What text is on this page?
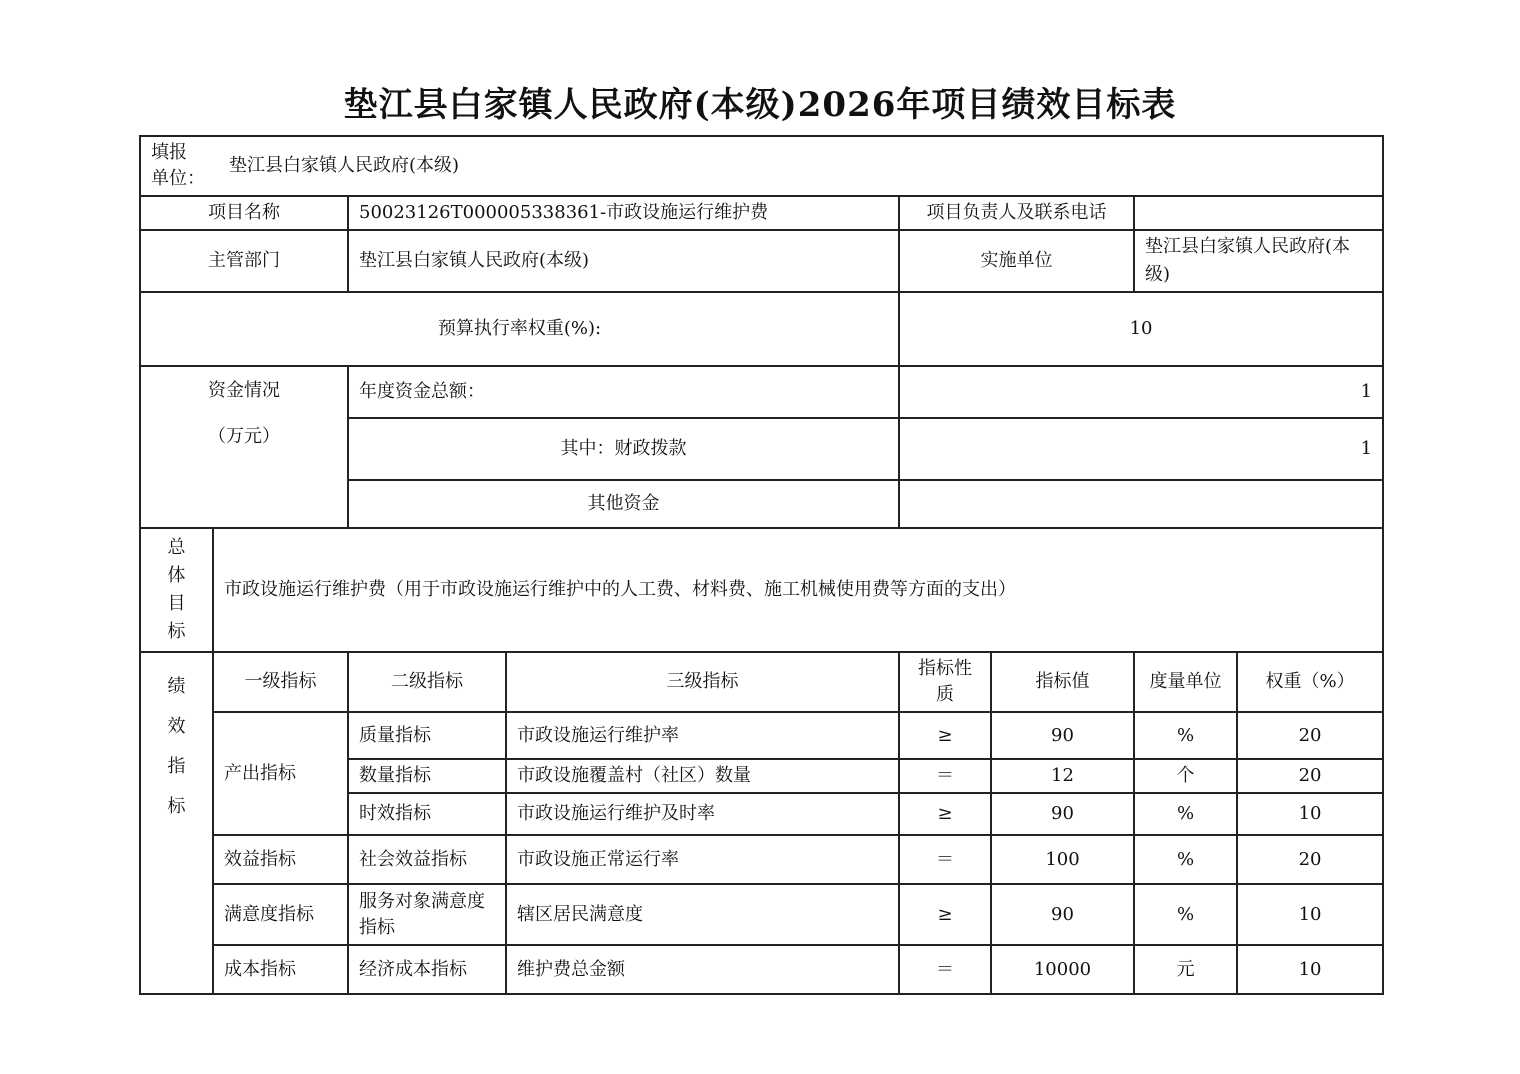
垫江县白家镇人民政府(本级)2026年项目绩效目标表
填报
单位：
垫江县白家镇人民政府(本级)							

项目名称		50023126T000005338361-市政设施运行维护费		项目负责人及联系电话			
主管部门		垫江县白家镇人民政府(本级)		实施单位		垫江县白家镇人民政府(本级)	
预算执行率权重(%):				10			

资金情况
（万元）		年度资金总额：		1			
		其中：财政拨款		1			
		其他资金					

总
体
目
标	市政设施运行维护费（用于市政设施运行维护中的人工费、材料费、施工机械使用费等方面的支出）						

绩
效
指
标	一级指标	二级指标	三级指标	指标性质	指标值	度量单位	权重（%）
	产出指标	质量指标	市政设施运行维护率	≥	90	%	20
		数量指标	市政设施覆盖村（社区）数量	＝	12	个	20
		时效指标	市政设施运行维护及时率	≥	90	%	10
	效益指标	社会效益指标	市政设施正常运行率	＝	100	%	20
	满意度指标	服务对象满意度指标	辖区居民满意度	≥	90	%	10
	成本指标	经济成本指标	维护费总金额	＝	10000	元	10
